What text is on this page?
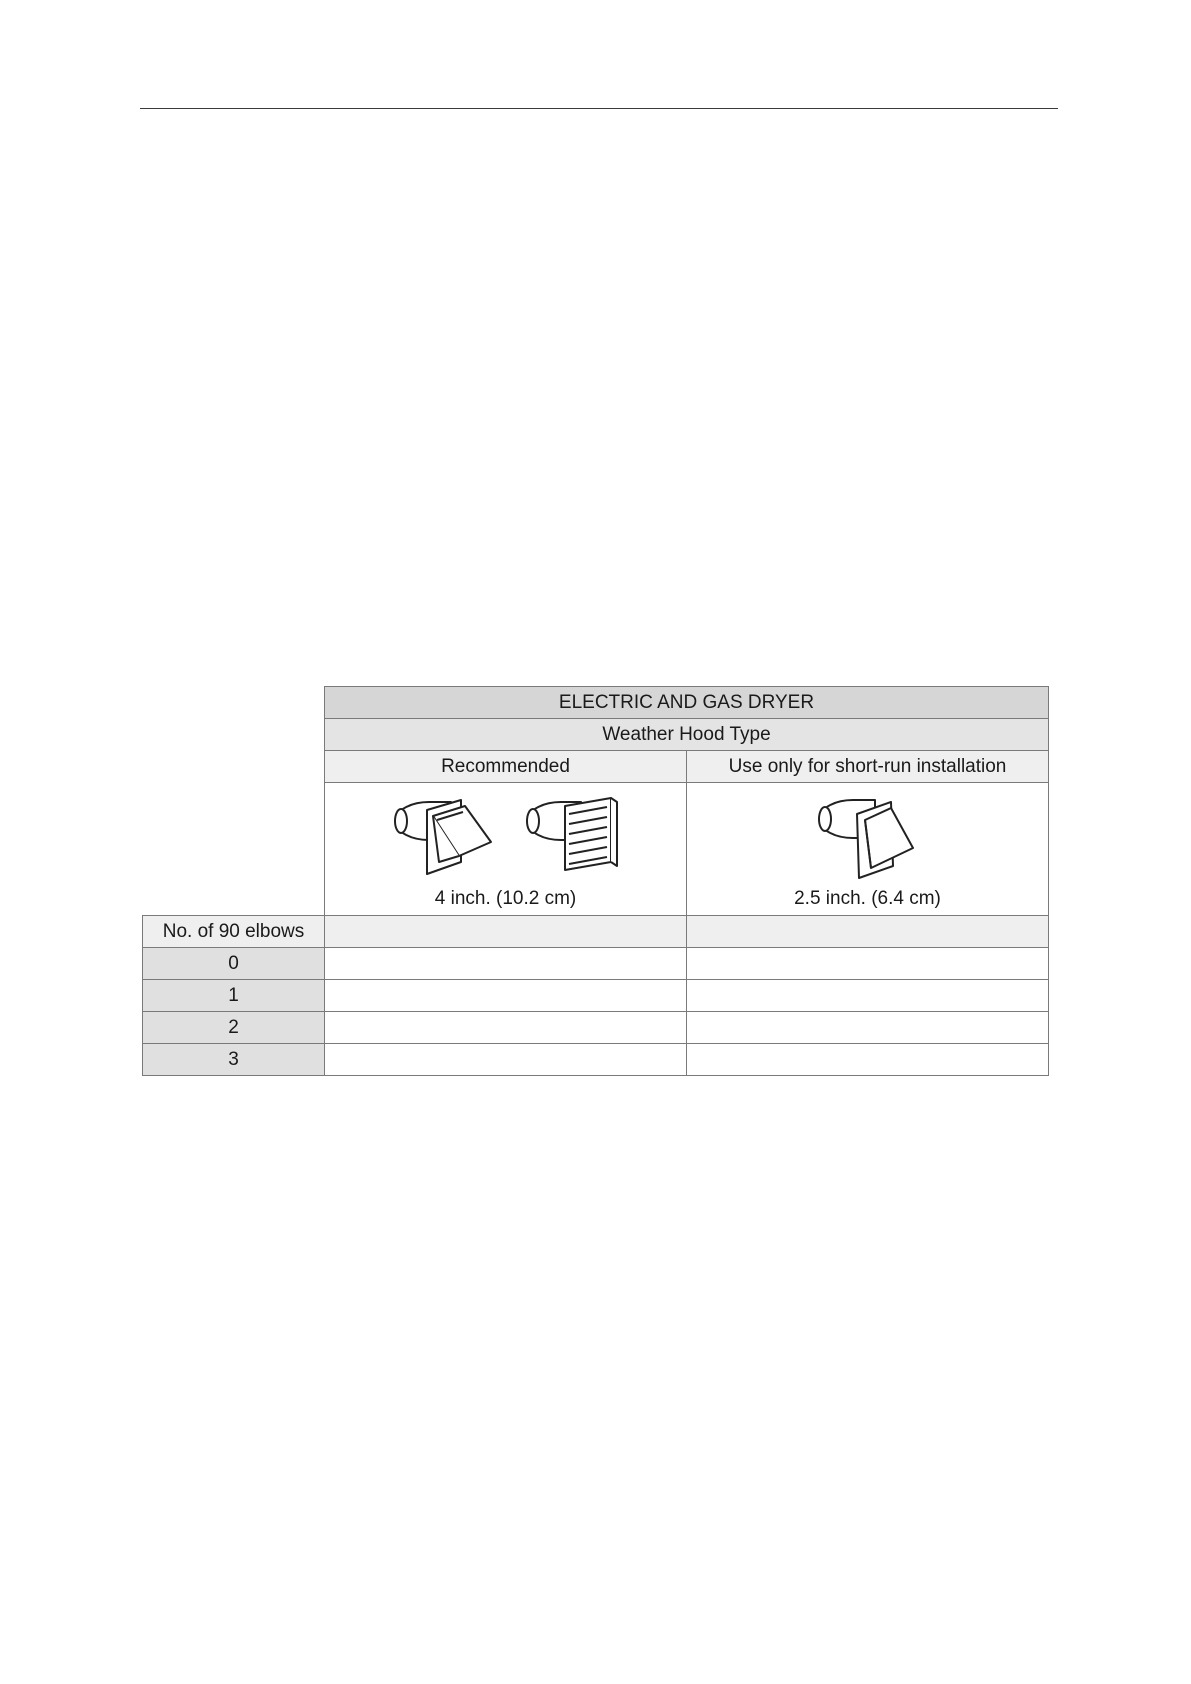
	ELECTRIC AND GAS DRYER	
	Weather Hood Type	
	Recommended	Use only for short-run installation

	4 inch. (10.2 cm)	2.5 inch. (6.4 cm)

No. of 90 elbows		
0		
1		
2		
3		
